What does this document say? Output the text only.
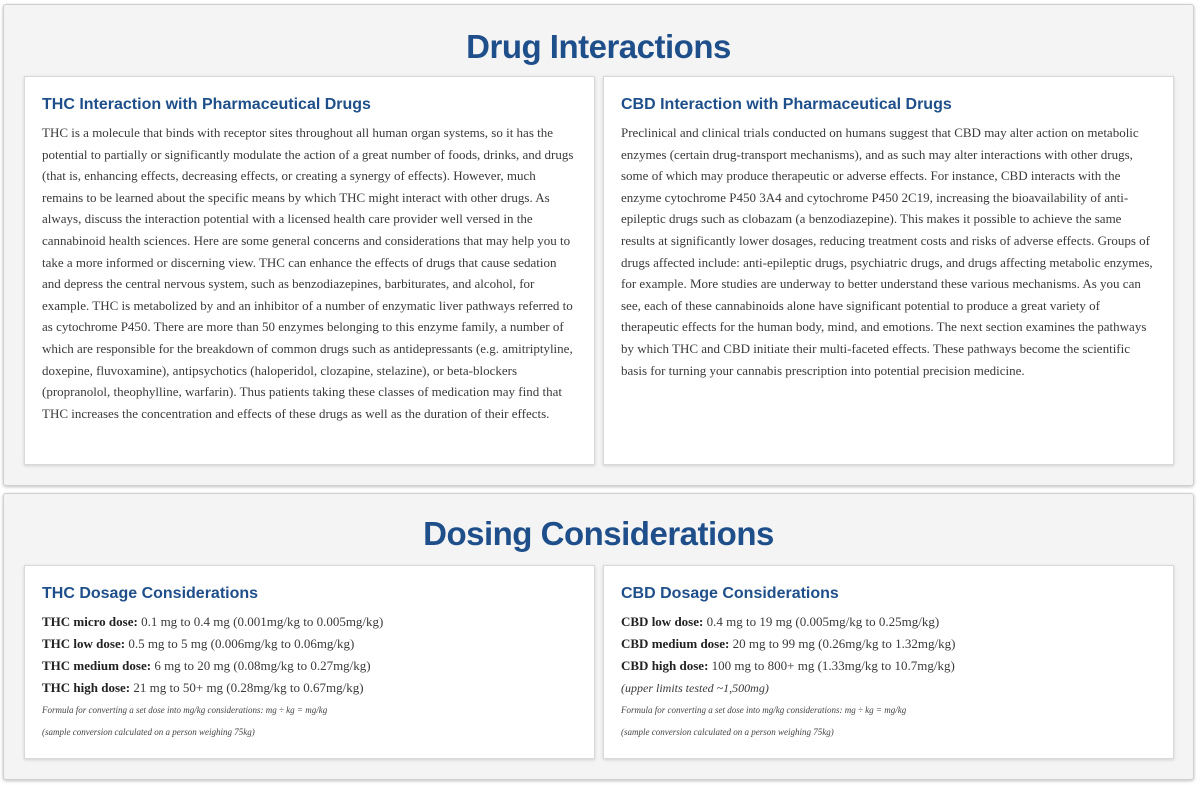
Drug Interactions
THC Interaction with Pharmaceutical Drugs

THC is a molecule that binds with receptor sites throughout all human organ systems, so it has the potential to partially or significantly modulate the action of a great number of foods, drinks, and drugs (that is, enhancing effects, decreasing effects, or creating a synergy of effects). However, much remains to be learned about the specific means by which THC might interact with other drugs. As always, discuss the interaction potential with a licensed health care provider well versed in the cannabinoid health sciences. Here are some general concerns and considerations that may help you to take a more informed or discerning view. THC can enhance the effects of drugs that cause sedation and depress the central nervous system, such as benzodiazepines, barbiturates, and alcohol, for example. THC is metabolized by and an inhibitor of a number of enzymatic liver pathways referred to as cytochrome P450. There are more than 50 enzymes belonging to this enzyme family, a number of which are responsible for the breakdown of common drugs such as antidepressants (e.g. amitriptyline, doxepine, fluvoxamine), antipsychotics (haloperidol, clozapine, stelazine), or beta-blockers (propranolol, theophylline, warfarin). Thus patients taking these classes of medication may find that THC increases the concentration and effects of these drugs as well as the duration of their effects.

CBD Interaction with Pharmaceutical Drugs

Preclinical and clinical trials conducted on humans suggest that CBD may alter action on metabolic enzymes (certain drug-transport mechanisms), and as such may alter interactions with other drugs, some of which may produce therapeutic or adverse effects. For instance, CBD interacts with the enzyme cytochrome P450 3A4 and cytochrome P450 2C19, increasing the bioavailability of anti-epileptic drugs such as clobazam (a benzodiazepine). This makes it possible to achieve the same results at significantly lower dosages, reducing treatment costs and risks of adverse effects. Groups of drugs affected include: anti-epileptic drugs, psychiatric drugs, and drugs affecting metabolic enzymes, for example. More studies are underway to better understand these various mechanisms. As you can see, each of these cannabinoids alone have significant potential to produce a great variety of therapeutic effects for the human body, mind, and emotions. The next section examines the pathways by which THC and CBD initiate their multi-faceted effects. These pathways become the scientific basis for turning your cannabis prescription into potential precision medicine.

Dosing Considerations
THC Dosage Considerations
THC micro dose: 0.1 mg to 0.4 mg (0.001mg/kg to 0.005mg/kg)
THC low dose: 0.5 mg to 5 mg (0.006mg/kg to 0.06mg/kg)
THC medium dose: 6 mg to 20 mg (0.08mg/kg to 0.27mg/kg)
THC high dose: 21 mg to 50+ mg (0.28mg/kg to 0.67mg/kg)
Formula for converting a set dose into mg/kg considerations: mg ÷ kg = mg/kg
(sample conversion calculated on a person weighing 75kg)
CBD Dosage Considerations
CBD low dose: 0.4 mg to 19 mg (0.005mg/kg to 0.25mg/kg)
CBD medium dose: 20 mg to 99 mg (0.26mg/kg to 1.32mg/kg)
CBD high dose: 100 mg to 800+ mg (1.33mg/kg to 10.7mg/kg)
(upper limits tested ~1,500mg)
Formula for converting a set dose into mg/kg considerations: mg ÷ kg = mg/kg
(sample conversion calculated on a person weighing 75kg)
